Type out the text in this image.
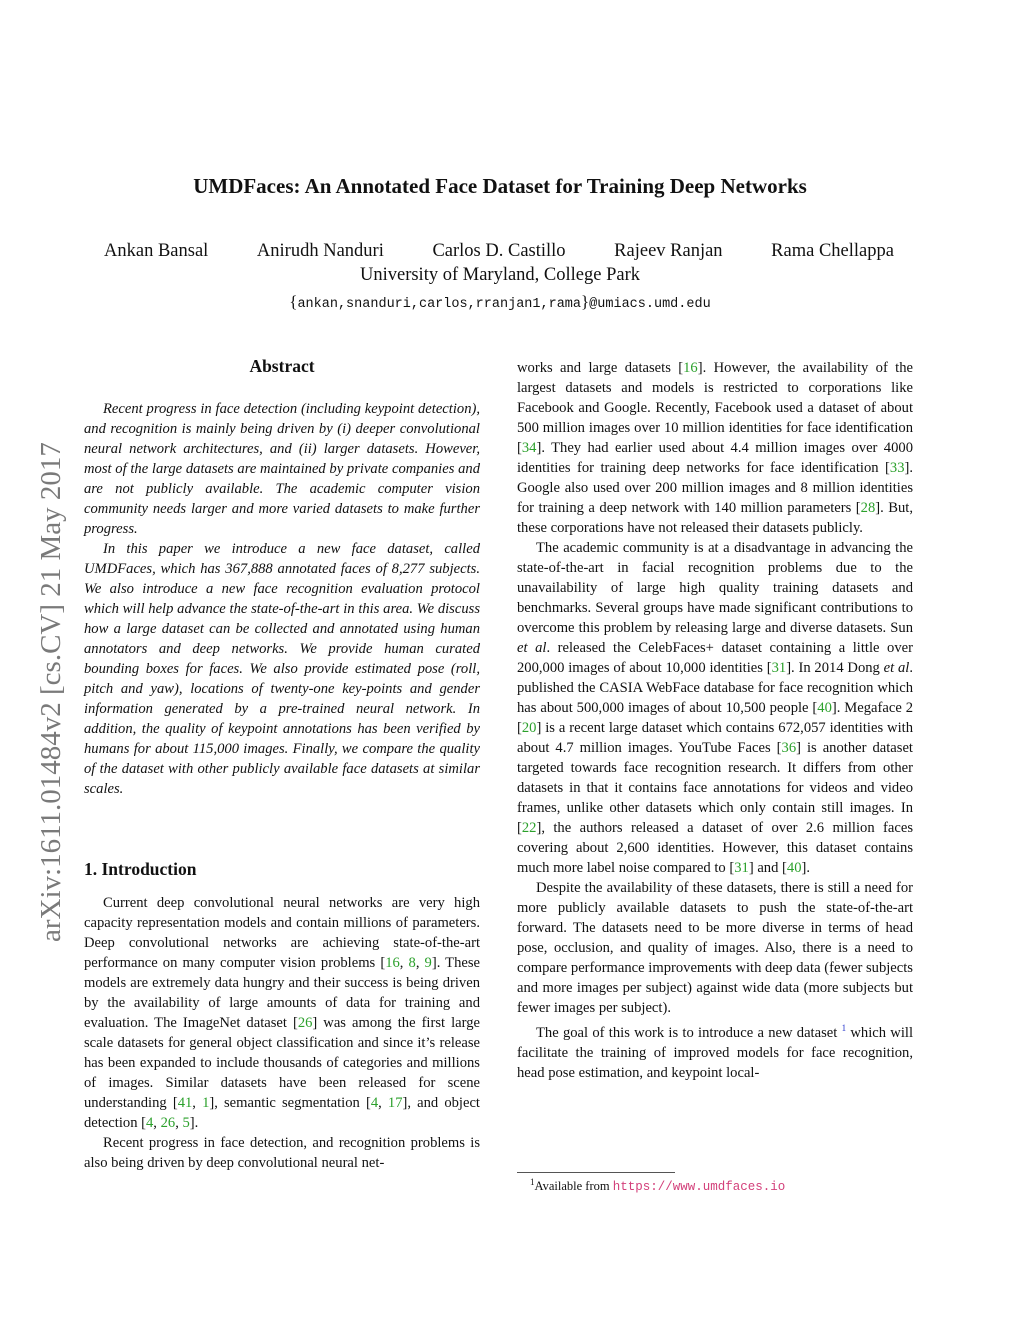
arXiv:1611.01484v2 [cs.CV] 21 May 2017
UMDFaces: An Annotated Face Dataset for Training Deep Networks
Ankan Bansal	Anirudh Nanduri	Carlos D. Castillo	Rajeev Ranjan	Rama Chellappa
University of Maryland, College Park
{ankan,snanduri,carlos,rranjan1,rama}@umiacs.umd.edu
Abstract

Recent progress in face detection (including keypoint detection), and recognition is mainly being driven by (i) deeper convolutional neural network architectures, and (ii) larger datasets. However, most of the large datasets are maintained by private companies and are not publicly available. The academic computer vision community needs larger and more varied datasets to make further progress.

In this paper we introduce a new face dataset, called UMDFaces, which has 367,888 annotated faces of 8,277 subjects. We also introduce a new face recognition evaluation protocol which will help advance the state-of-the-art in this area. We discuss how a large dataset can be collected and annotated using human annotators and deep networks. We provide human curated bounding boxes for faces. We also provide estimated pose (roll, pitch and yaw), locations of twenty-one key-points and gender information generated by a pre-trained neural network. In addition, the quality of keypoint annotations has been verified by humans for about 115,000 images. Finally, we compare the quality of the dataset with other publicly available face datasets at similar scales.

1. Introduction

Current deep convolutional neural networks are very high capacity representation models and contain millions of parameters. Deep convolutional networks are achieving state-of-the-art performance on many computer vision problems [16, 8, 9]. These models are extremely data hungry and their success is being driven by the availability of large amounts of data for training and evaluation. The ImageNet dataset [26] was among the first large scale datasets for general object classification and since it’s release has been expanded to include thousands of categories and millions of images. Similar datasets have been released for scene understanding [41, 1], semantic segmentation [4, 17], and object detection [4, 26, 5].

Recent progress in face detection, and recognition problems is also being driven by deep convolutional neural net-

works and large datasets [16]. However, the availability of the largest datasets and models is restricted to corporations like Facebook and Google. Recently, Facebook used a dataset of about 500 million images over 10 million identities for face identification [34]. They had earlier used about 4.4 million images over 4000 identities for training deep networks for face identification [33]. Google also used over 200 million images and 8 million identities for training a deep network with 140 million parameters [28]. But, these corporations have not released their datasets publicly.

The academic community is at a disadvantage in advancing the state-of-the-art in facial recognition problems due to the unavailability of large high quality training datasets and benchmarks. Several groups have made significant contributions to overcome this problem by releasing large and diverse datasets. Sun et al. released the CelebFaces+ dataset containing a little over 200,000 images of about 10,000 identities [31]. In 2014 Dong et al. published the CASIA WebFace database for face recognition which has about 500,000 images of about 10,500 people [40]. Megaface 2 [20] is a recent large dataset which contains 672,057 identities with about 4.7 million images. YouTube Faces [36] is another dataset targeted towards face recognition research. It differs from other datasets in that it contains face annotations for videos and video frames, unlike other datasets which only contain still images. In [22], the authors released a dataset of over 2.6 million faces covering about 2,600 identities. However, this dataset contains much more label noise compared to [31] and [40].

Despite the availability of these datasets, there is still a need for more publicly available datasets to push the state-of-the-art forward. The datasets need to be more diverse in terms of head pose, occlusion, and quality of images. Also, there is a need to compare performance improvements with deep data (fewer subjects and more images per subject) against wide data (more subjects but fewer images per subject).

The goal of this work is to introduce a new dataset $^1$ which will facilitate the training of improved models for face recognition, head pose estimation, and keypoint local-

$^1$Available from https://www.umdfaces.io
